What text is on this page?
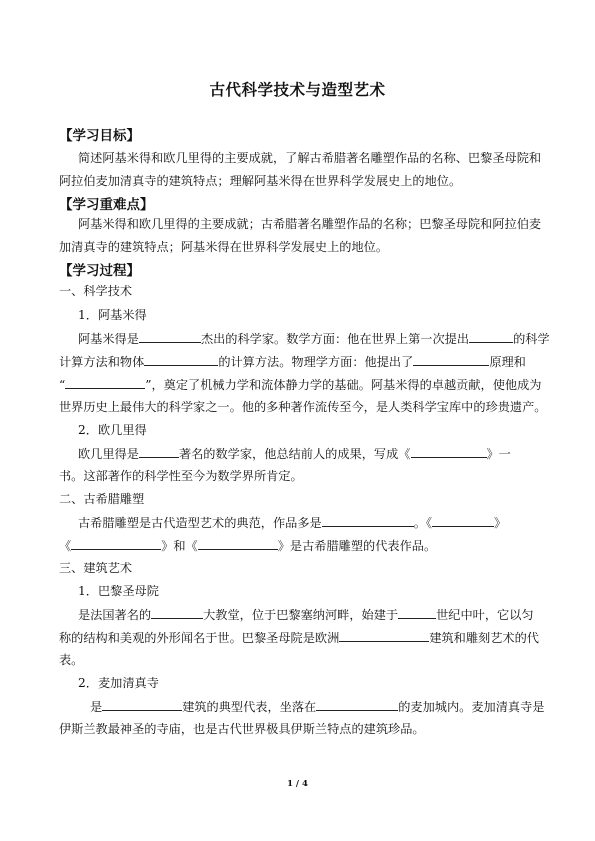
古代科学技术与造型艺术
【学习目标】
简述阿基米得和欧几里得的主要成就，了解古希腊著名雕塑作品的名称、巴黎圣母院和
阿拉伯麦加清真寺的建筑特点；理解阿基米得在世界科学发展史上的地位。
【学习重难点】
阿基米得和欧几里得的主要成就；古希腊著名雕塑作品的名称；巴黎圣母院和阿拉伯麦
加清真寺的建筑特点；阿基米得在世界科学发展史上的地位。
【学习过程】
一、科学技术
1．阿基米得
阿基米得是	杰出的科学家。数学方面：他在世界上第一次提出	的科学
计算方法和物体	的计算方法。物理学方面：他提出了	原理和
“	”，奠定了机械力学和流体静力学的基础。阿基米得的卓越贡献，使他成为
世界历史上最伟大的科学家之一。他的多种著作流传至今，是人类科学宝库中的珍贵遗产。
2．欧几里得
欧几里得是	著名的数学家，他总结前人的成果，写成《	》一
书。这部著作的科学性至今为数学界所肯定。
二、古希腊雕塑
古希腊雕塑是古代造型艺术的典范，作品多是	。《	》
《	》和《	》是古希腊雕塑的代表作品。
三、建筑艺术
1．巴黎圣母院
是法国著名的	大教堂，位于巴黎塞纳河畔，始建于	世纪中叶，它以匀
称的结构和美观的外形闻名于世。巴黎圣母院是欧洲	建筑和雕刻艺术的代
表。
2．麦加清真寺
是	建筑的典型代表，坐落在	的麦加城内。麦加清真寺是
伊斯兰教最神圣的寺庙，也是古代世界极具伊斯兰特点的建筑珍品。
1 / 4
